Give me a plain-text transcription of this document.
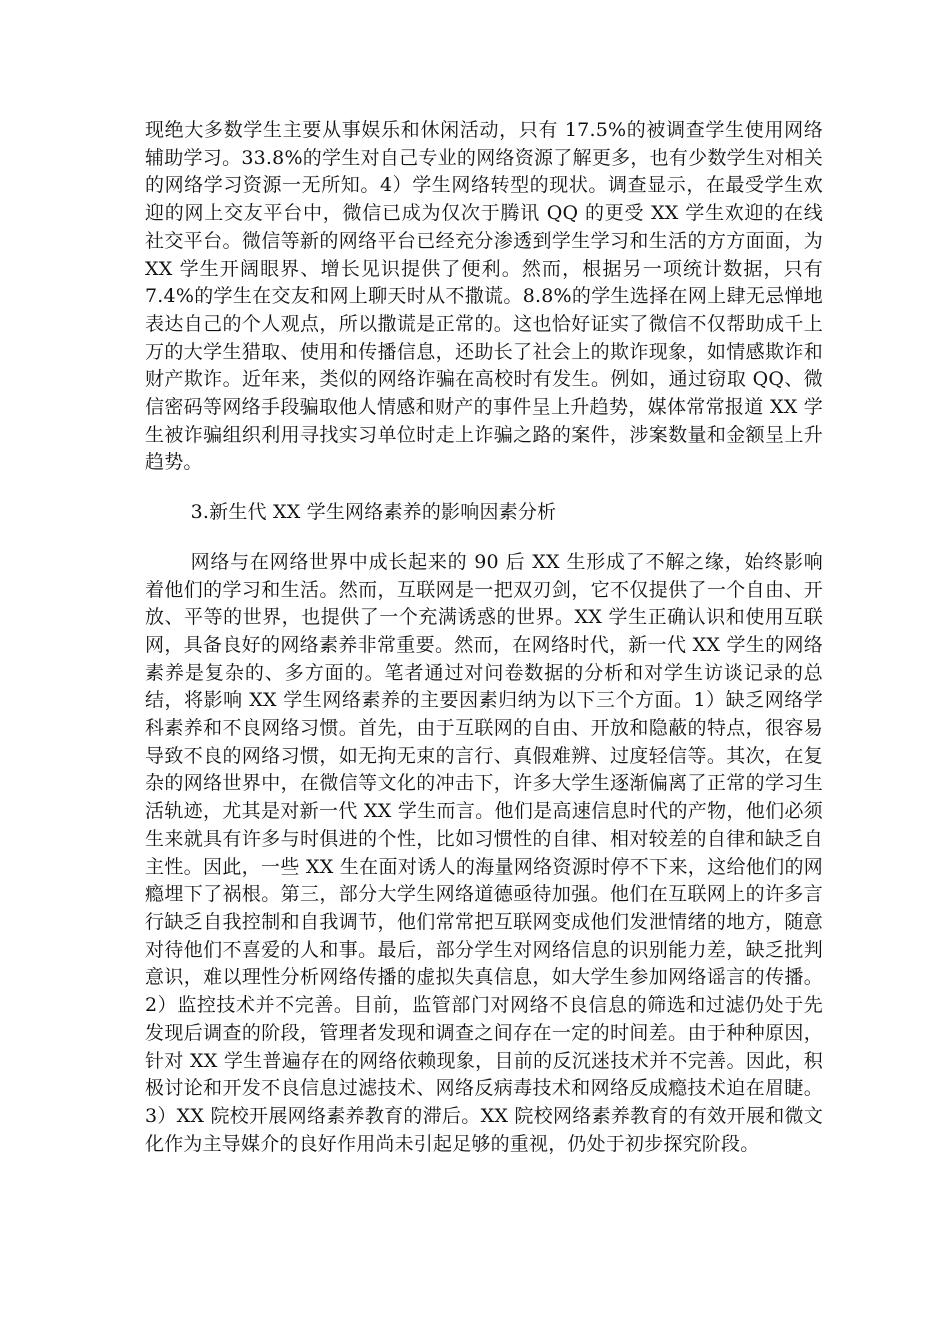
现绝大多数学生主要从事娱乐和休闲活动，只有 17.5%的被调查学生使用网络辅助学习。33.8%的学生对自己专业的网络资源了解更多，也有少数学生对相关的网络学习资源一无所知。4）学生网络转型的现状。调查显示，在最受学生欢迎的网上交友平台中，微信已成为仅次于腾讯 QQ 的更受 XX 学生欢迎的在线社交平台。微信等新的网络平台已经充分渗透到学生学习和生活的方方面面，为 XX 学生开阔眼界、增长见识提供了便利。然而，根据另一项统计数据，只有 7.4%的学生在交友和网上聊天时从不撒谎。8.8%的学生选择在网上肆无忌惮地表达自己的个人观点，所以撒谎是正常的。这也恰好证实了微信不仅帮助成千上万的大学生猎取、使用和传播信息，还助长了社会上的欺诈现象，如情感欺诈和财产欺诈。近年来，类似的网络诈骗在高校时有发生。例如，通过窃取 QQ、微信密码等网络手段骗取他人情感和财产的事件呈上升趋势，媒体常常报道 XX 学生被诈骗组织利用寻找实习单位时走上诈骗之路的案件，涉案数量和金额呈上升趋势。

3.新生代 XX 学生网络素养的影响因素分析

网络与在网络世界中成长起来的 90 后 XX 生形成了不解之缘，始终影响着他们的学习和生活。然而，互联网是一把双刃剑，它不仅提供了一个自由、开放、平等的世界，也提供了一个充满诱惑的世界。XX 学生正确认识和使用互联网，具备良好的网络素养非常重要。然而，在网络时代，新一代 XX 学生的网络素养是复杂的、多方面的。笔者通过对问卷数据的分析和对学生访谈记录的总结，将影响 XX 学生网络素养的主要因素归纳为以下三个方面。1）缺乏网络学科素养和不良网络习惯。首先，由于互联网的自由、开放和隐蔽的特点，很容易导致不良的网络习惯，如无拘无束的言行、真假难辨、过度轻信等。其次，在复杂的网络世界中，在微信等文化的冲击下，许多大学生逐渐偏离了正常的学习生活轨迹，尤其是对新一代 XX 学生而言。他们是高速信息时代的产物，他们必须生来就具有许多与时俱进的个性，比如习惯性的自律、相对较差的自律和缺乏自主性。因此，一些 XX 生在面对诱人的海量网络资源时停不下来，这给他们的网瘾埋下了祸根。第三，部分大学生网络道德亟待加强。他们在互联网上的许多言行缺乏自我控制和自我调节，他们常常把互联网变成他们发泄情绪的地方，随意对待他们不喜爱的人和事。最后，部分学生对网络信息的识别能力差，缺乏批判意识，难以理性分析网络传播的虚拟失真信息，如大学生参加网络谣言的传播。2）监控技术并不完善。目前，监管部门对网络不良信息的筛选和过滤仍处于先发现后调查的阶段，管理者发现和调查之间存在一定的时间差。由于种种原因，针对 XX 学生普遍存在的网络依赖现象，目前的反沉迷技术并不完善。因此，积极讨论和开发不良信息过滤技术、网络反病毒技术和网络反成瘾技术迫在眉睫。3）XX 院校开展网络素养教育的滞后。XX 院校网络素养教育的有效开展和微文化作为主导媒介的良好作用尚未引起足够的重视，仍处于初步探究阶段。
